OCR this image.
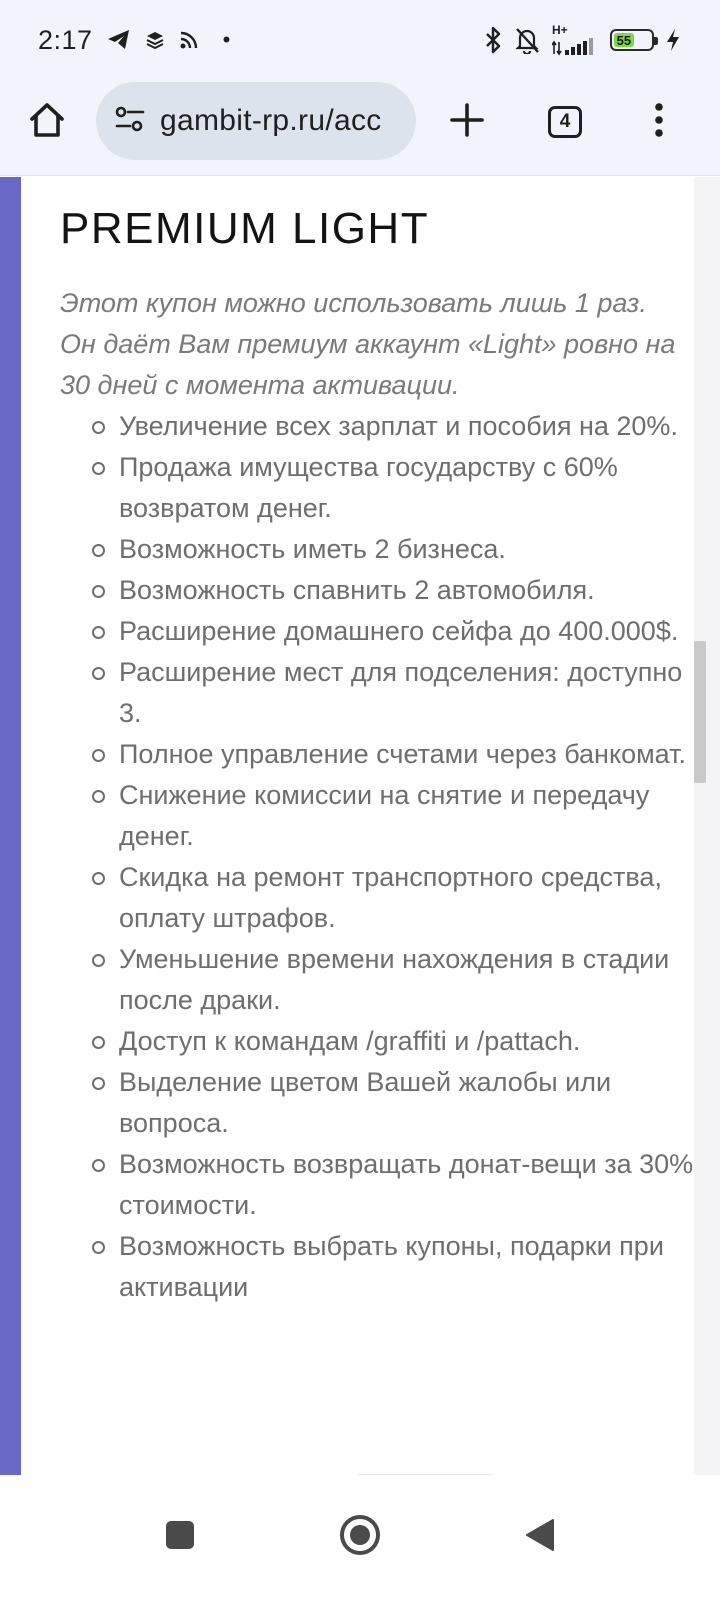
2:17	•	H+
55
gambit-rp.ru/acc	4
PREMIUM LIGHT

Этот купон можно использовать лишь 1 раз.
Он даёт Вам премиум аккаунт «Light» ровно на
30 дней с момента активации.

Увеличение всех зарплат и пособия на 20%.
Продажа имущества государству с 60% возвратом денег.
Возможность иметь 2 бизнеса.
Возможность спавнить 2 автомобиля.
Расширение домашнего сейфа до 400.000$.
Расширение мест для подселения: доступно 3.
Полное управление счетами через банкомат.
Снижение комиссии на снятие и передачу денег.
Скидка на ремонт транспортного средства, оплату штрафов.
Уменьшение времени нахождения в стадии после драки.
Доступ к командам /graffiti и /pattach.
Выделение цветом Вашей жалобы или вопроса.
Возможность возвращать донат-вещи за 30% стоимости.
Возможность выбрать купоны, подарки при активации
